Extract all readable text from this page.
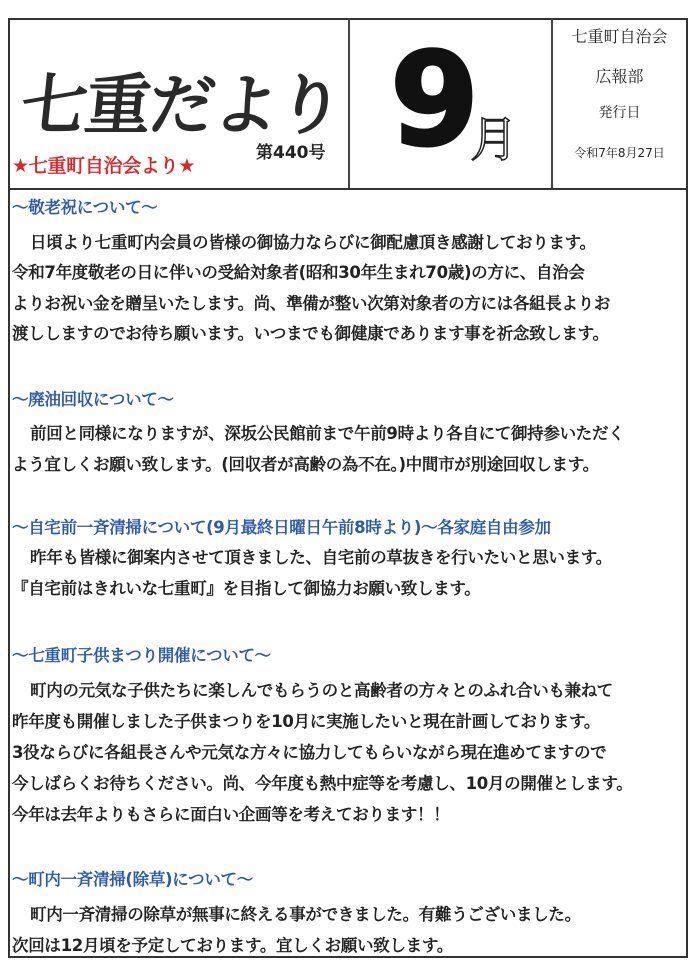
七重だより
第440号 9
月
七重町自治会
広報部
発行日
令和7年8月27日
★七重町自治会より★
～敬老祝について～
日頃より七重町内会員の皆様の御協力ならびに御配慮頂き感謝しております。
令和7年度敬老の日に伴いの受給対象者(昭和30年生まれ70歳)の方に、自治会
よりお祝い金を贈呈いたします。尚、準備が整い次第対象者の方には各組長よりお
渡ししますのでお待ち願います。いつまでも御健康であります事を祈念致します。
～廃油回収について～
前回と同様になりますが、深坂公民館前まで午前9時より各自にて御持参いただく
よう宜しくお願い致します。(回収者が高齢の為不在。)中間市が別途回収します。
～自宅前一斉清掃について(9月最終日曜日午前8時より)～各家庭自由参加
昨年も皆様に御案内させて頂きました、自宅前の草抜きを行いたいと思います。
『自宅前はきれいな七重町』を目指して御協力お願い致します。
～七重町子供まつり開催について～
町内の元気な子供たちに楽しんでもらうのと高齢者の方々とのふれ合いも兼ねて
昨年度も開催しました子供まつりを10月に実施したいと現在計画しております。
3役ならびに各組長さんや元気な方々に協力してもらいながら現在進めてますので
今しばらくお待ちください。尚、今年度も熱中症等を考慮し、10月の開催とします。
今年は去年よりもさらに面白い企画等を考えております！！
～町内一斉清掃(除草)について～
町内一斉清掃の除草が無事に終える事ができました。有難うございました。
次回は12月頃を予定しております。宜しくお願い致します。
